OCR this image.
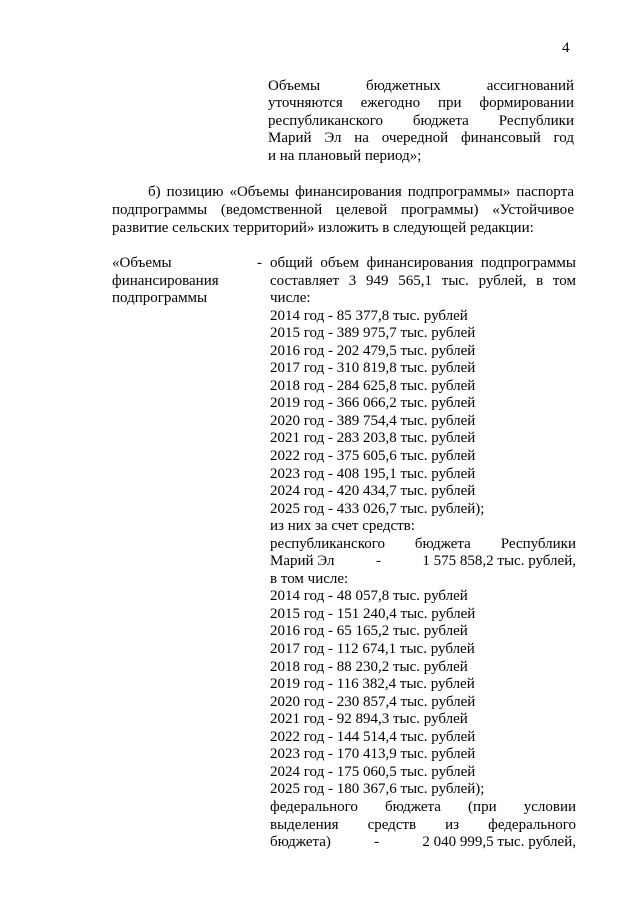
4
Объемы бюджетных ассигнований
уточняются ежегодно при формировании
республиканского бюджета Республики
Марий Эл на очередной финансовый год
и на плановый период»;
б) позицию «Объемы финансирования подпрограммы» паспорта
подпрограммы (ведомственной целевой программы) «Устойчивое
развитие сельских территорий» изложить в следующей редакции:
«Объемы	-
финансирования
подпрограммы
общий объем финансирования подпрограммы
составляет 3 949 565,1 тыс. рублей, в том
числе:
2014 год - 85 377,8 тыс. рублей
2015 год - 389 975,7 тыс. рублей
2016 год - 202 479,5 тыс. рублей
2017 год - 310 819,8 тыс. рублей
2018 год - 284 625,8 тыс. рублей
2019 год - 366 066,2 тыс. рублей
2020 год - 389 754,4 тыс. рублей
2021 год - 283 203,8 тыс. рублей
2022 год - 375 605,6 тыс. рублей
2023 год - 408 195,1 тыс. рублей
2024 год - 420 434,7 тыс. рублей
2025 год - 433 026,7 тыс. рублей);
из них за счет средств:
республиканского бюджета Республики
Марий Эл	-	1 575 858,2 тыс. рублей,
в том числе:
2014 год - 48 057,8 тыс. рублей
2015 год - 151 240,4 тыс. рублей
2016 год - 65 165,2 тыс. рублей
2017 год - 112 674,1 тыс. рублей
2018 год - 88 230,2 тыс. рублей
2019 год - 116 382,4 тыс. рублей
2020 год - 230 857,4 тыс. рублей
2021 год - 92 894,3 тыс. рублей
2022 год - 144 514,4 тыс. рублей
2023 год - 170 413,9 тыс. рублей
2024 год - 175 060,5 тыс. рублей
2025 год - 180 367,6 тыс. рублей);
федерального бюджета (при условии
выделения средств из федерального
бюджета)	-	2 040 999,5 тыс. рублей,
